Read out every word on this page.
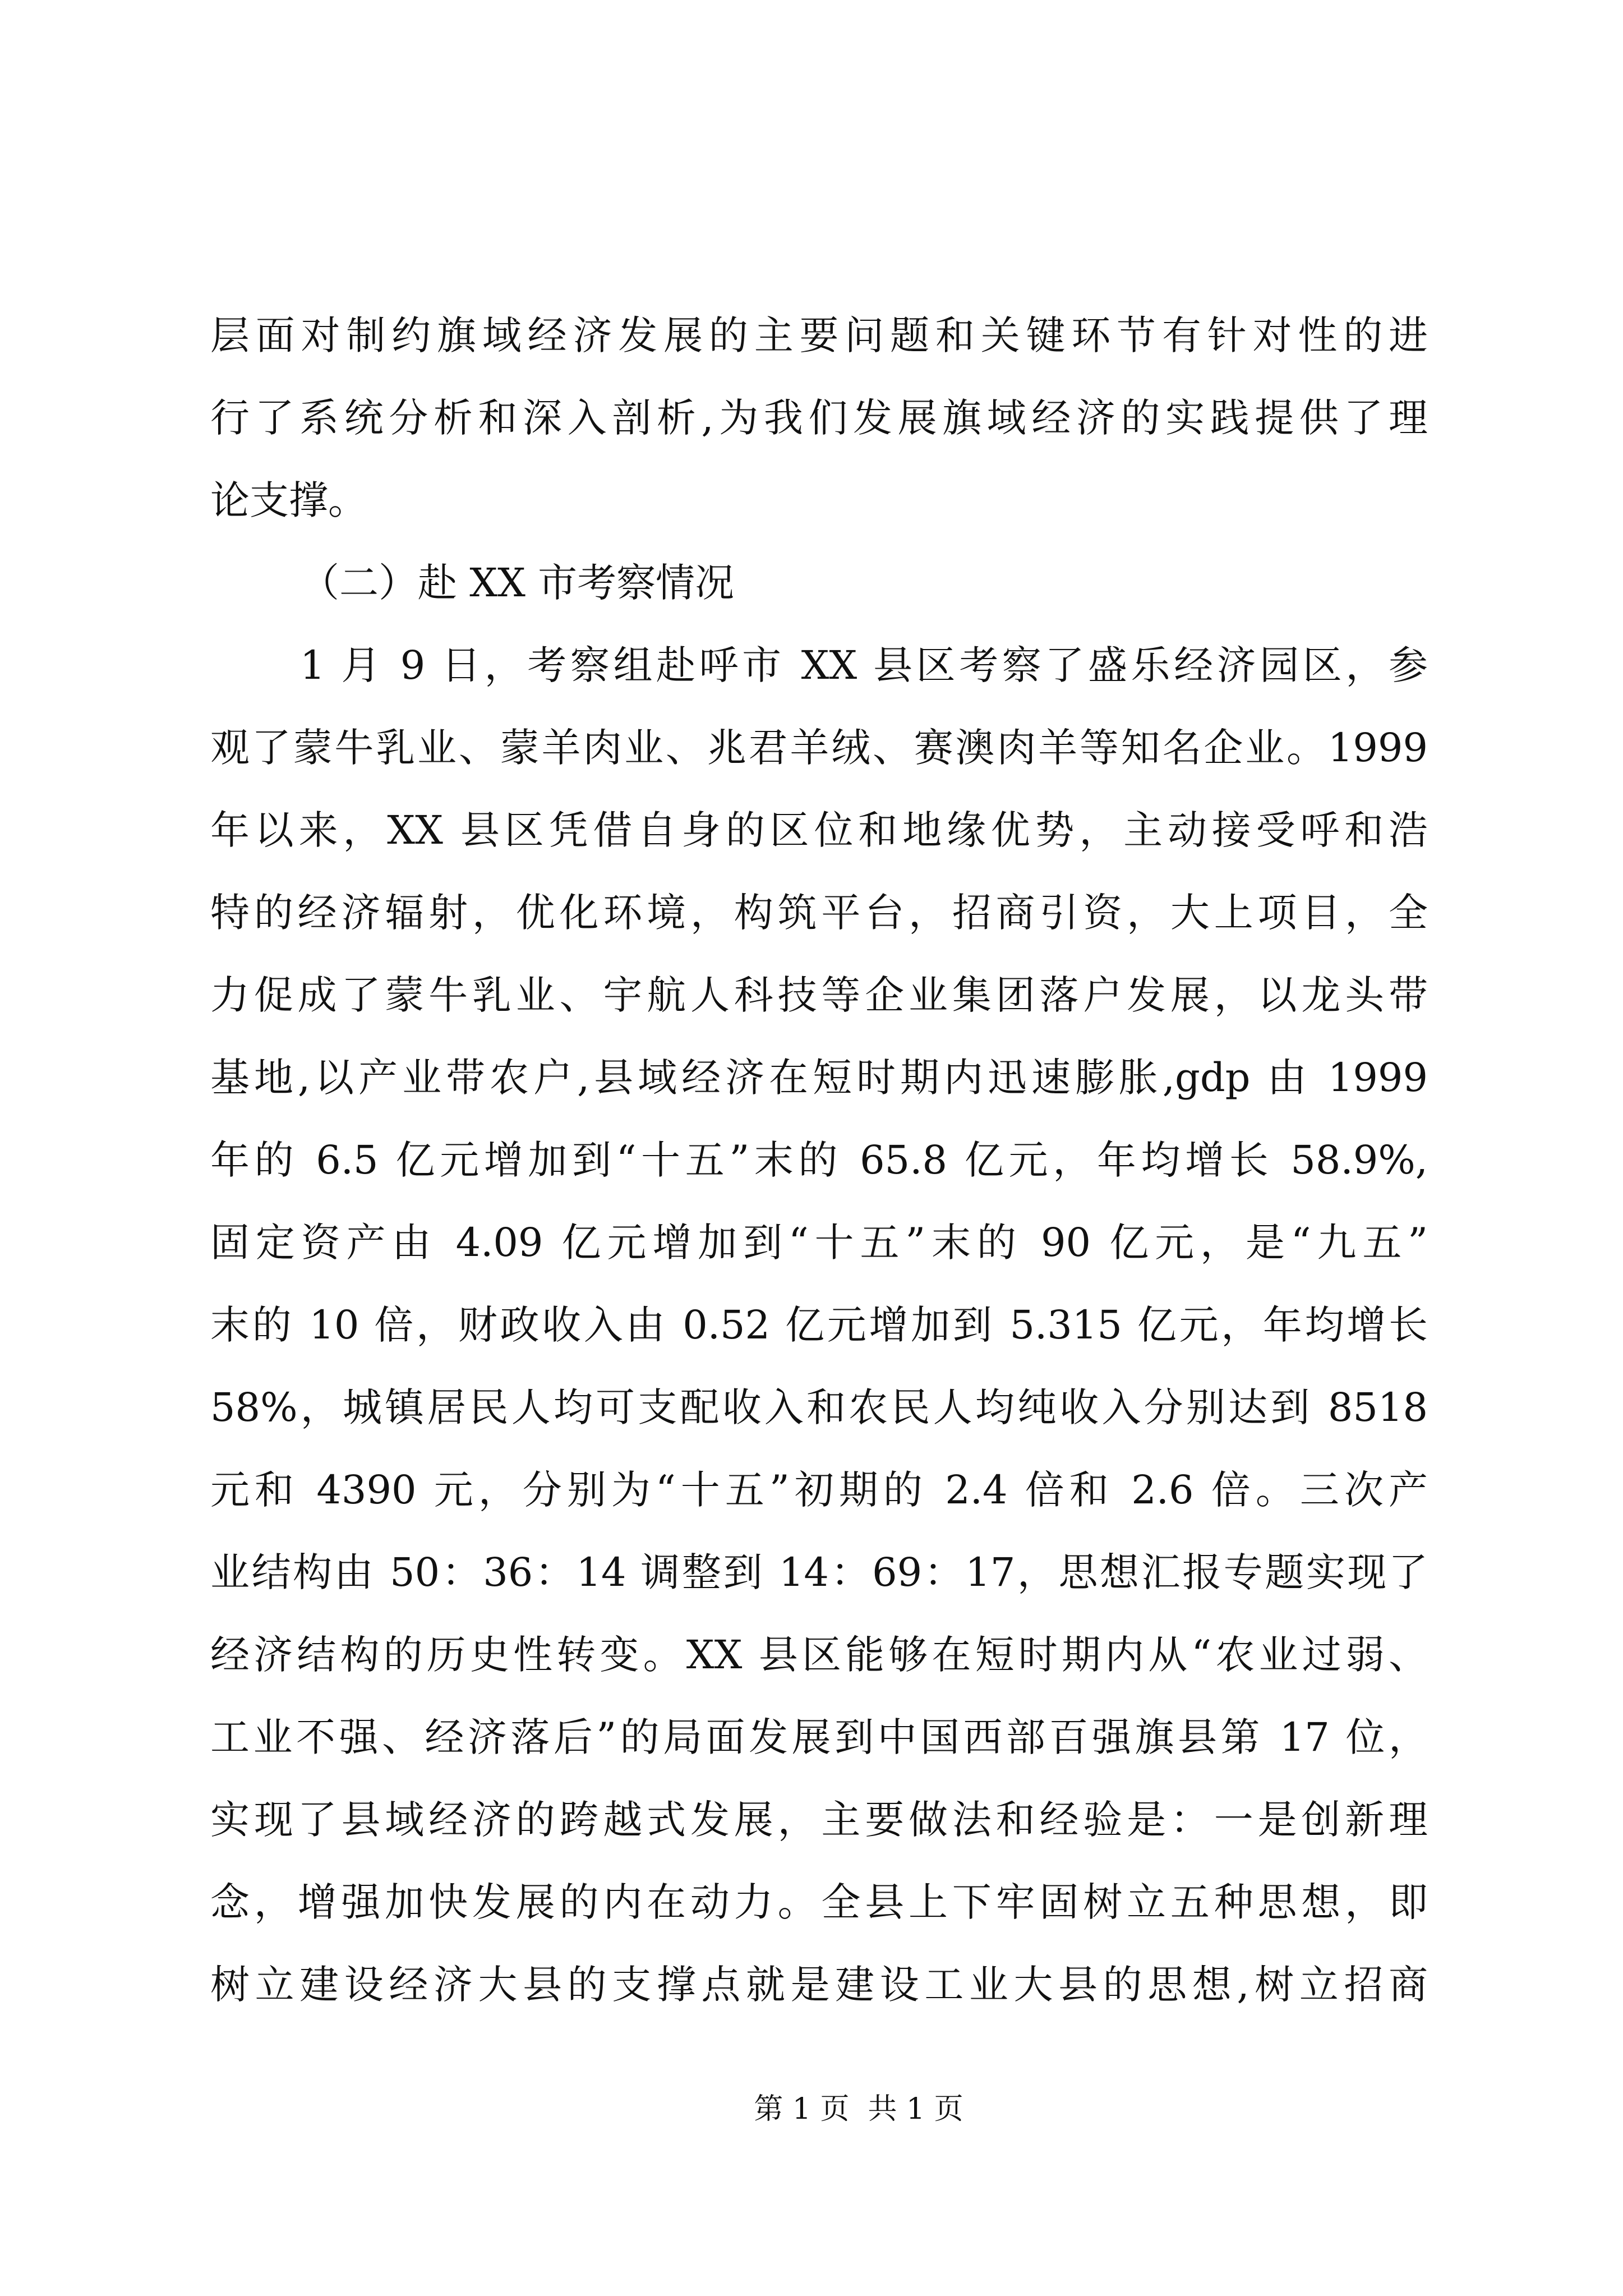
层面对制约旗域经济发展的主要问题和关键环节有针对性的进
行了系统分析和深入剖析,为我们发展旗域经济的实践提供了理
论支撑。
（二）赴 XX 市考察情况
1 月 9 日，考察组赴呼市 XX 县区考察了盛乐经济园区，参
观了蒙牛乳业、蒙羊肉业、兆君羊绒、赛澳肉羊等知名企业。1999
年以来，XX 县区凭借自身的区位和地缘优势，主动接受呼和浩
特的经济辐射，优化环境，构筑平台，招商引资，大上项目，全
力促成了蒙牛乳业、宇航人科技等企业集团落户发展，以龙头带
基地,以产业带农户,县域经济在短时期内迅速膨胀,gdp 由 1999
年的 6.5 亿元增加到“十五”末的 65.8 亿元，年均增长 58.9%,
固定资产由 4.09 亿元增加到“十五”末的 90 亿元，是“九五”
末的 10 倍，财政收入由 0.52 亿元增加到 5.315 亿元，年均增长
58%，城镇居民人均可支配收入和农民人均纯收入分别达到 8518
元和 4390 元，分别为“十五”初期的 2.4 倍和 2.6 倍。三次产
业结构由 50：36：14 调整到 14：69：17，思想汇报专题实现了
经济结构的历史性转变。XX 县区能够在短时期内从“农业过弱、
工业不强、经济落后”的局面发展到中国西部百强旗县第 17 位，
实现了县域经济的跨越式发展，主要做法和经验是：一是创新理
念，增强加快发展的内在动力。全县上下牢固树立五种思想，即
树立建设经济大县的支撑点就是建设工业大县的思想,树立招商
第 1 页  共 1 页
